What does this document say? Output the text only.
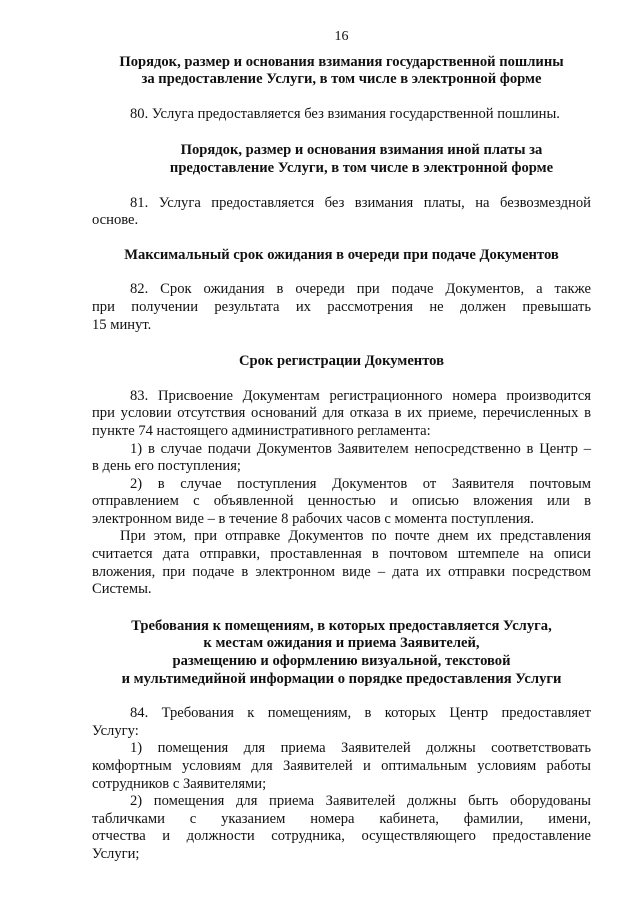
16
Порядок, размер и основания взимания государственной пошлины
за предоставление Услуги, в том числе в электронной форме
80. Услуга предоставляется без взимания государственной пошлины.
Порядок, размер и основания взимания иной платы за
предоставление Услуги, в том числе в электронной форме
81. Услуга предоставляется без взимания платы, на безвозмездной
основе.
Максимальный срок ожидания в очереди при подаче Документов
82. Срок ожидания в очереди при подаче Документов, а также
при получении результата их рассмотрения не должен превышать
15 минут.
Срок регистрации Документов
83. Присвоение Документам регистрационного номера производится
при условии отсутствия оснований для отказа в их приеме, перечисленных в
пункте 74 настоящего административного регламента:
1) в случае подачи Документов Заявителем непосредственно в Центр –
в день его поступления;
2) в случае поступления Документов от Заявителя почтовым
отправлением с объявленной ценностью и описью вложения или в
электронном виде – в течение 8 рабочих часов с момента поступления.
При этом, при отправке Документов по почте днем их представления
считается дата отправки, проставленная в почтовом штемпеле на описи
вложения, при подаче в электронном виде – дата их отправки посредством
Системы.
Требования к помещениям, в которых предоставляется Услуга,
к местам ожидания и приема Заявителей,
размещению и оформлению визуальной, текстовой
и мультимедийной информации о порядке предоставления Услуги
84. Требования к помещениям, в которых Центр предоставляет
Услугу:
1) помещения для приема Заявителей должны соответствовать
комфортным условиям для Заявителей и оптимальным условиям работы
сотрудников с Заявителями;
2) помещения для приема Заявителей должны быть оборудованы
табличками с указанием номера кабинета, фамилии, имени,
отчества и должности сотрудника, осуществляющего предоставление
Услуги;
